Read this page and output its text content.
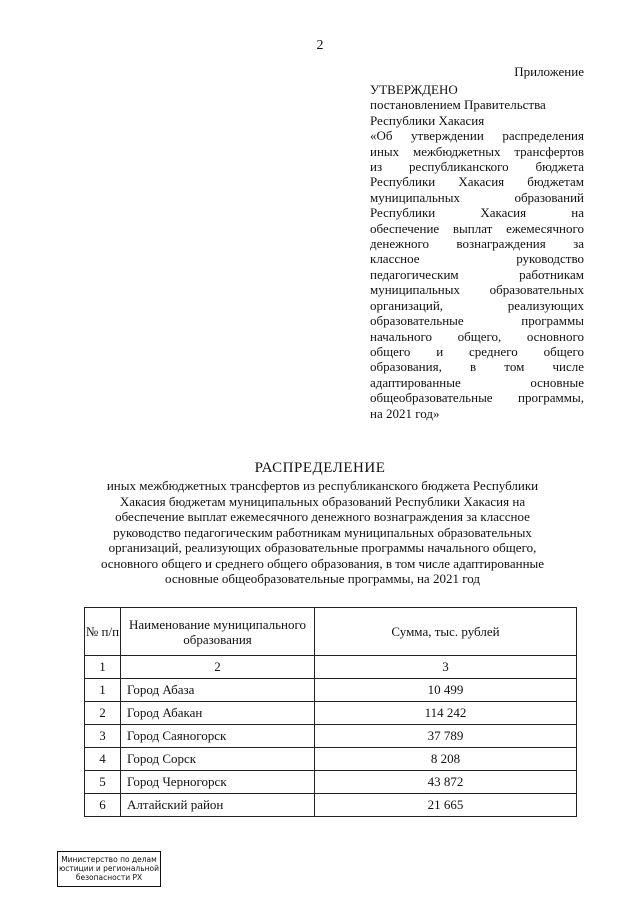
2
Приложение
УТВЕРЖДЕНО
постановлением Правительства
Республики Хакасия
«Об утверждении распределения
иных межбюджетных трансфертов
из республиканского бюджета
Республики Хакасия бюджетам
муниципальных образований
Республики Хакасия на
обеспечение выплат ежемесячного
денежного вознаграждения за
классное руководство
педагогическим работникам
муниципальных образовательных
организаций, реализующих
образовательные программы
начального общего, основного
общего и среднего общего
образования, в том числе
адаптированные основные
общеобразовательные программы,
на 2021 год»
РАСПРЕДЕЛЕНИЕ
иных межбюджетных трансфертов из республиканского бюджета Республики
Хакасия бюджетам муниципальных образований Республики Хакасия на
обеспечение выплат ежемесячного денежного вознаграждения за классное
руководство педагогическим работникам муниципальных образовательных
организаций, реализующих образовательные программы начального общего,
основного общего и среднего общего образования, в том числе адаптированные
основные общеобразовательные программы, на 2021 год
№ п/п	Наименование муниципального образования	Сумма, тыс. рублей
1	2	3
1	Город Абаза	10 499
2	Город Абакан	114 242
3	Город Саяногорск	37 789
4	Город Сорск	8 208
5	Город Черногорск	43 872
6	Алтайский район	21 665
Министерство по делам
юстиции и региональной
безопасности РХ
